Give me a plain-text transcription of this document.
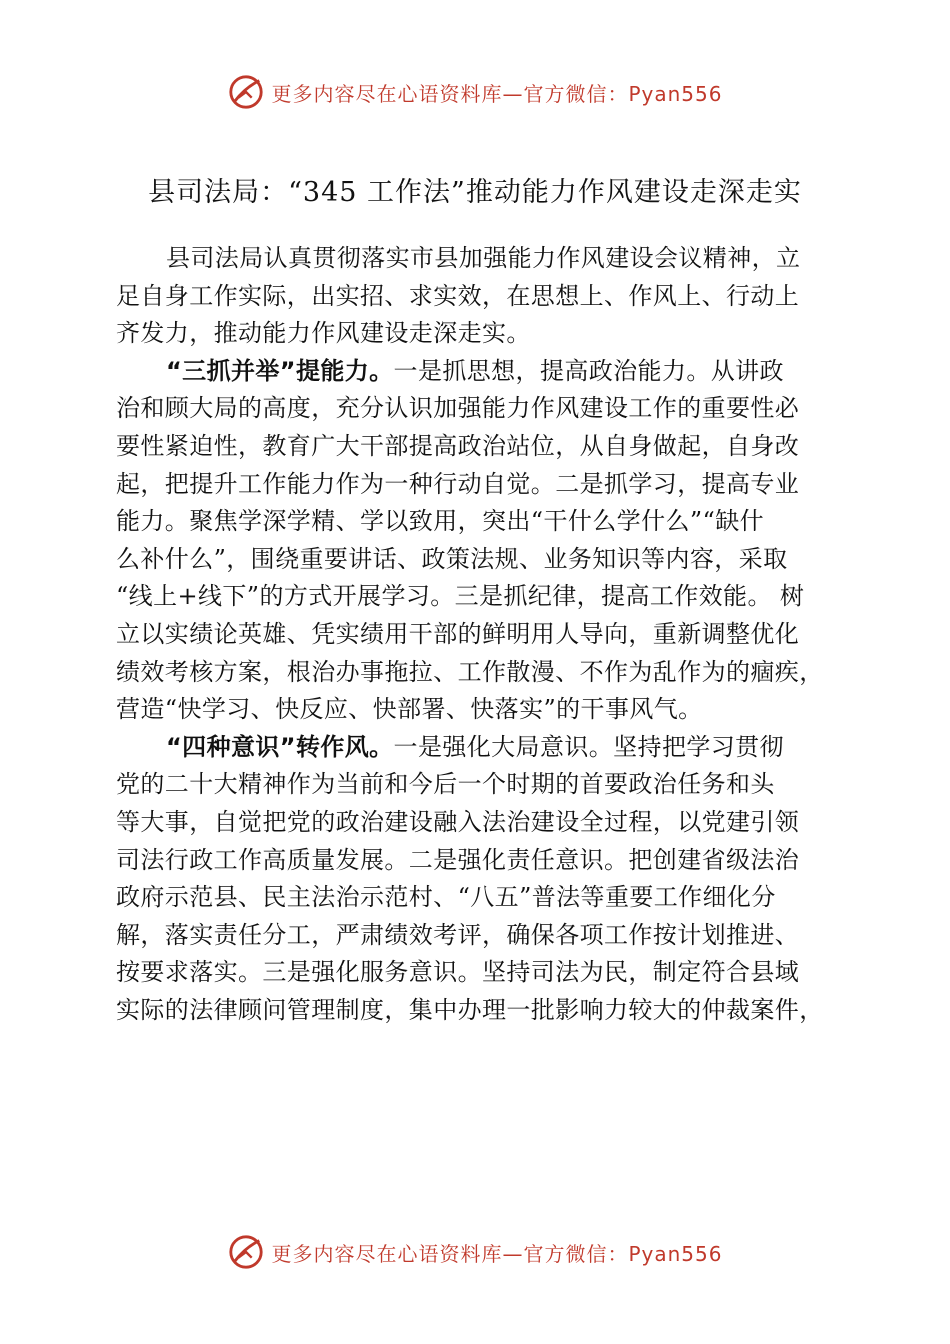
更多内容尽在心语资料库—官方微信：Pyan556
县司法局：“345 工作法”推动能力作风建设走深走实
县司法局认真贯彻落实市县加强能力作风建设会议精神，立
足自身工作实际，出实招、求实效，在思想上、作风上、行动上
齐发力，推动能力作风建设走深走实。
“三抓并举”提能力。一是抓思想，提高政治能力。从讲政
治和顾大局的高度，充分认识加强能力作风建设工作的重要性必
要性紧迫性，教育广大干部提高政治站位，从自身做起，自身改
起，把提升工作能力作为一种行动自觉。二是抓学习，提高专业
能力。聚焦学深学精、学以致用，突出“干什么学什么”“缺什
么补什么”，围绕重要讲话、政策法规、业务知识等内容，采取
“线上+线下”的方式开展学习。三是抓纪律，提高工作效能。 树
立以实绩论英雄、凭实绩用干部的鲜明用人导向，重新调整优化
绩效考核方案，根治办事拖拉、工作散漫、不作为乱作为的痼疾，
营造“快学习、快反应、快部署、快落实”的干事风气。
“四种意识”转作风。一是强化大局意识。坚持把学习贯彻
党的二十大精神作为当前和今后一个时期的首要政治任务和头
等大事，自觉把党的政治建设融入法治建设全过程，以党建引领
司法行政工作高质量发展。二是强化责任意识。把创建省级法治
政府示范县、民主法治示范村、“八五”普法等重要工作细化分
解，落实责任分工，严肃绩效考评，确保各项工作按计划推进、
按要求落实。三是强化服务意识。坚持司法为民，制定符合县域
实际的法律顾问管理制度，集中办理一批影响力较大的仲裁案件，
更多内容尽在心语资料库—官方微信：Pyan556
